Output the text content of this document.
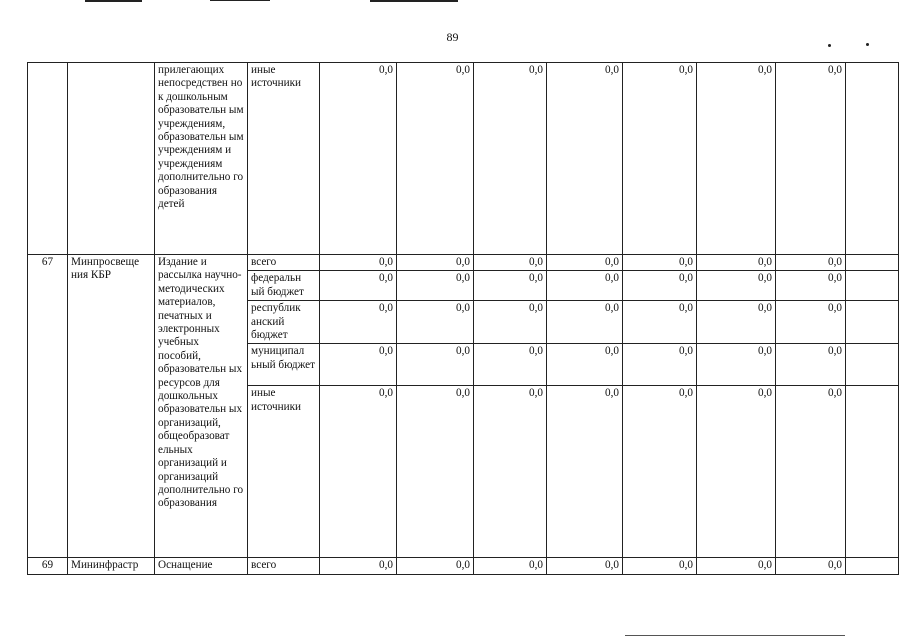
89
		прилегающих непосредствен но к дошкольным образовательн ым учреждениям, образовательн ым учреждениям и учреждениям дополнительно го образования детей	иные источники	0,0	0,0	0,0	0,0	0,0	0,0	0,0	
67	Минпросвеще ния КБР	Издание и рассылка научно-методических материалов, печатных и электронных учебных пособий, образовательн ых ресурсов для дошкольных образовательн ых организаций, общеобразоват ельных организаций и организаций дополнительно го образования	всего	0,0	0,0	0,0	0,0	0,0	0,0	0,0	
			федеральн ый бюджет	0,0	0,0	0,0	0,0	0,0	0,0	0,0	
			республик анский бюджет	0,0	0,0	0,0	0,0	0,0	0,0	0,0	
			муниципал ьный бюджет	0,0	0,0	0,0	0,0	0,0	0,0	0,0	
			иные источники	0,0	0,0	0,0	0,0	0,0	0,0	0,0	
69	Мининфрастр	Оснащение	всего	0,0	0,0	0,0	0,0	0,0	0,0	0,0	
